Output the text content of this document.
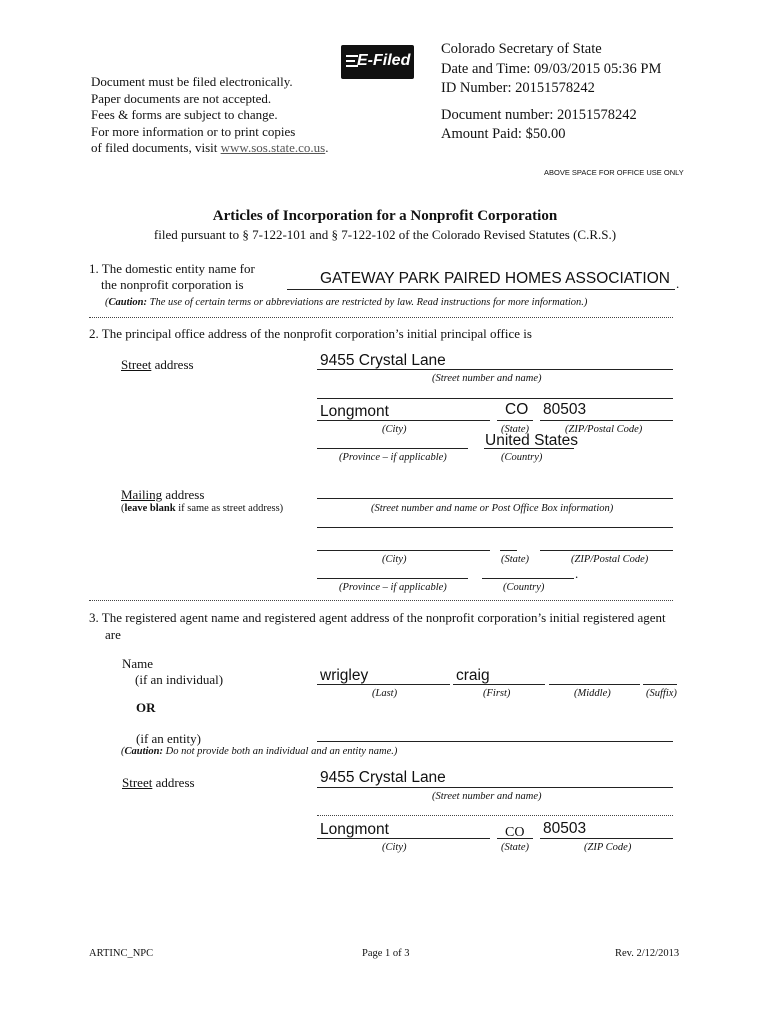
E-Filed
Document must be filed electronically.
Paper documents are not accepted.
Fees & forms are subject to change.
For more information or to print copies
of filed documents, visit www.sos.state.co.us.
Colorado Secretary of State
Date and Time: 09/03/2015 05:36 PM
ID Number: 20151578242
Document number: 20151578242
Amount Paid: $50.00
ABOVE SPACE FOR OFFICE USE ONLY
Articles of Incorporation for a Nonprofit Corporation
filed pursuant to § 7-122-101 and § 7-122-102 of the Colorado Revised Statutes (C.R.S.)
1. The domestic entity name for
the nonprofit corporation is	GATEWAY PARK PAIRED HOMES ASSOCIATION .
(Caution: The use of certain terms or abbreviations are restricted by law. Read instructions for more information.)
2. The principal office address of the nonprofit corporation’s initial principal office is
Street address	9455 Crystal Lane
(Street number and name)
Longmont	CO 80503
(City)	(State)	(ZIP/Postal Code)
United States
(Province – if applicable)	(Country)
Mailing address
(leave blank if same as street address)	(Street number and name or Post Office Box information)
(City)	(State)	(ZIP/Postal Code)
.
(Province – if applicable)	(Country)
3. The registered agent name and registered agent address of the nonprofit corporation’s initial registered agent
are
Name
(if an individual)	wrigley	craig
(Last)	(First)	(Middle)	(Suffix)
OR
(if an entity)
(Caution: Do not provide both an individual and an entity name.)
Street address	9455 Crystal Lane
(Street number and name)
Longmont	CO 80503
(City)	(State)	(ZIP Code)
ARTINC_NPC	Page 1 of 3	Rev. 2/12/2013
